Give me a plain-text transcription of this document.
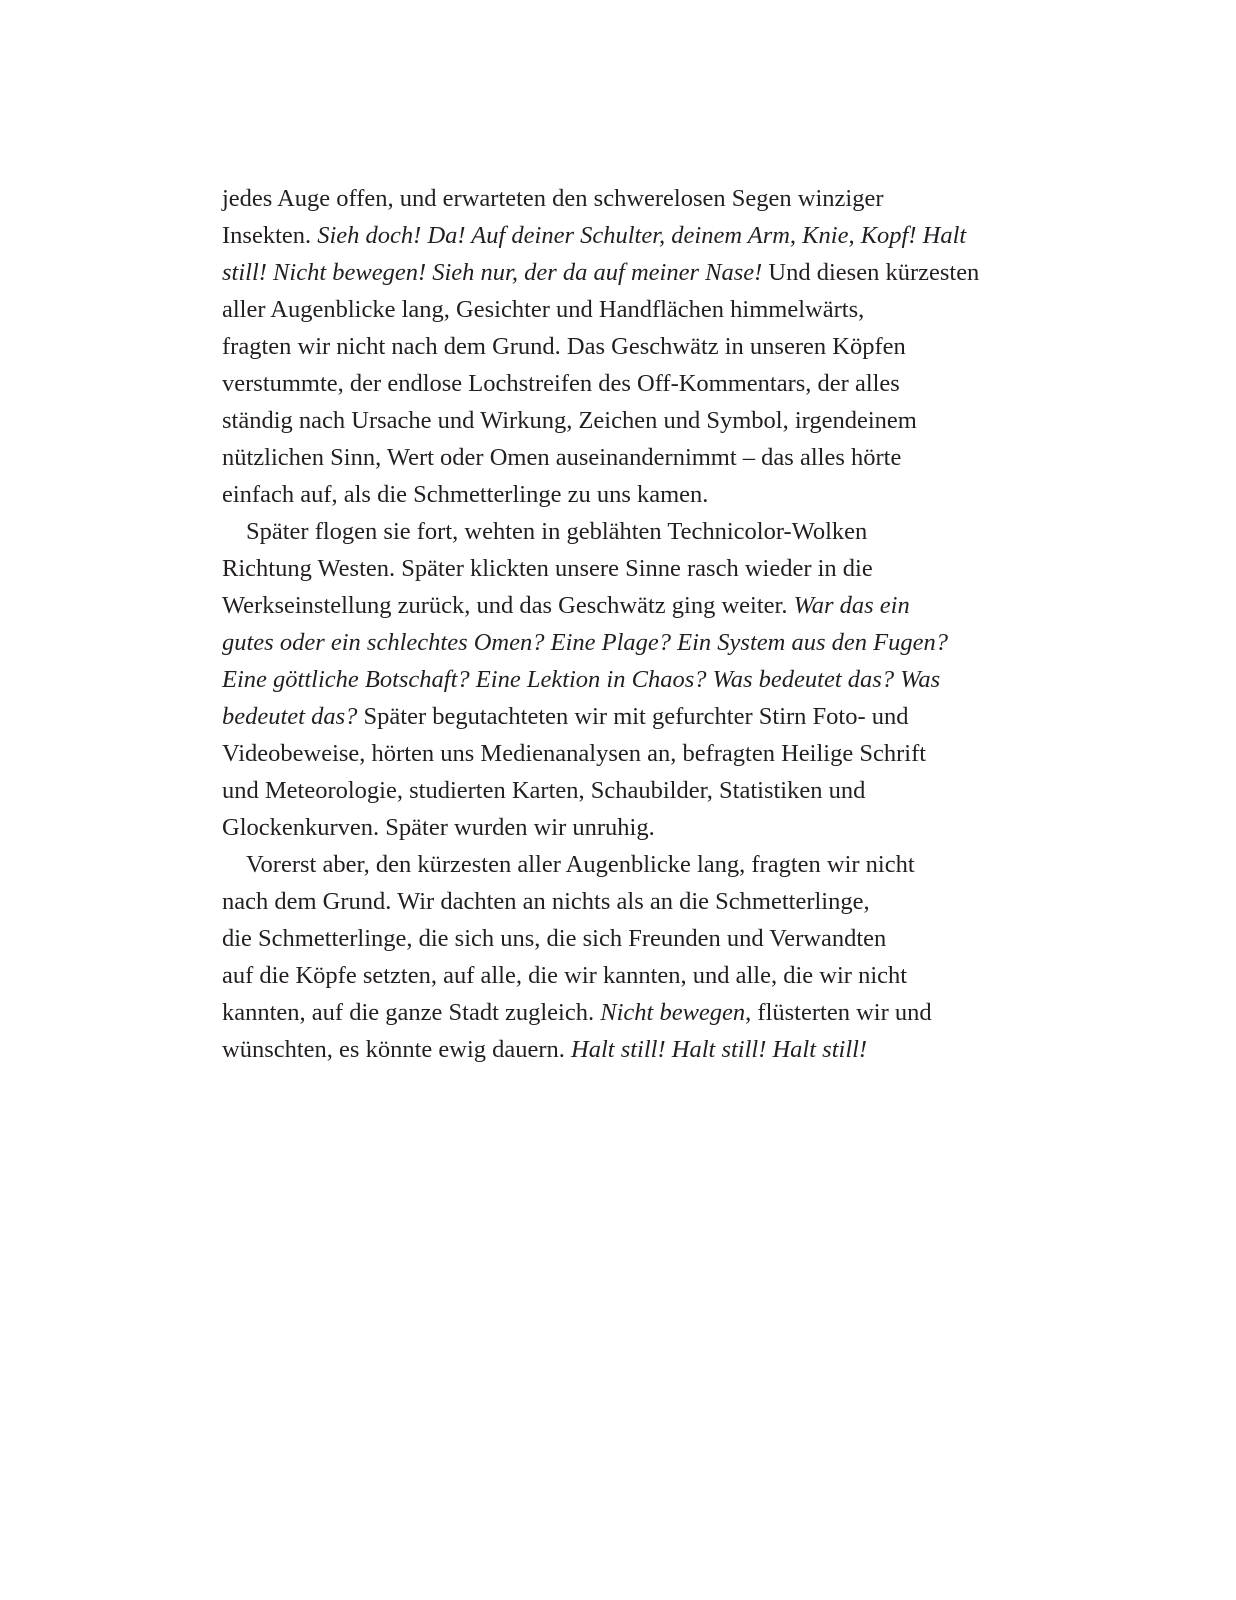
jedes Auge offen, und erwarteten den schwerelosen Segen winziger
Insekten. Sieh doch! Da! Auf deiner Schulter, deinem Arm, Knie, Kopf! Halt
still! Nicht bewegen! Sieh nur, der da auf meiner Nase! Und diesen kürzesten
aller Augenblicke lang, Gesichter und Handflächen himmelwärts,
fragten wir nicht nach dem Grund. Das Geschwätz in unseren Köpfen
verstummte, der endlose Lochstreifen des Off-Kommentars, der alles
ständig nach Ursache und Wirkung, Zeichen und Symbol, irgendeinem
nützlichen Sinn, Wert oder Omen auseinandernimmt – das alles hörte
einfach auf, als die Schmetterlinge zu uns kamen.
Später flogen sie fort, wehten in geblähten Technicolor-Wolken
Richtung Westen. Später klickten unsere Sinne rasch wieder in die
Werkseinstellung zurück, und das Geschwätz ging weiter. War das ein
gutes oder ein schlechtes Omen? Eine Plage? Ein System aus den Fugen?
Eine göttliche Botschaft? Eine Lektion in Chaos? Was bedeutet das? Was
bedeutet das? Später begutachteten wir mit gefurchter Stirn Foto- und
Videobeweise, hörten uns Medienanalysen an, befragten Heilige Schrift
und Meteorologie, studierten Karten, Schaubilder, Statistiken und
Glockenkurven. Später wurden wir unruhig.
Vorerst aber, den kürzesten aller Augenblicke lang, fragten wir nicht
nach dem Grund. Wir dachten an nichts als an die Schmetterlinge,
die Schmetterlinge, die sich uns, die sich Freunden und Verwandten
auf die Köpfe setzten, auf alle, die wir kannten, und alle, die wir nicht
kannten, auf die ganze Stadt zugleich. Nicht bewegen, flüsterten wir und
wünschten, es könnte ewig dauern. Halt still! Halt still! Halt still!
